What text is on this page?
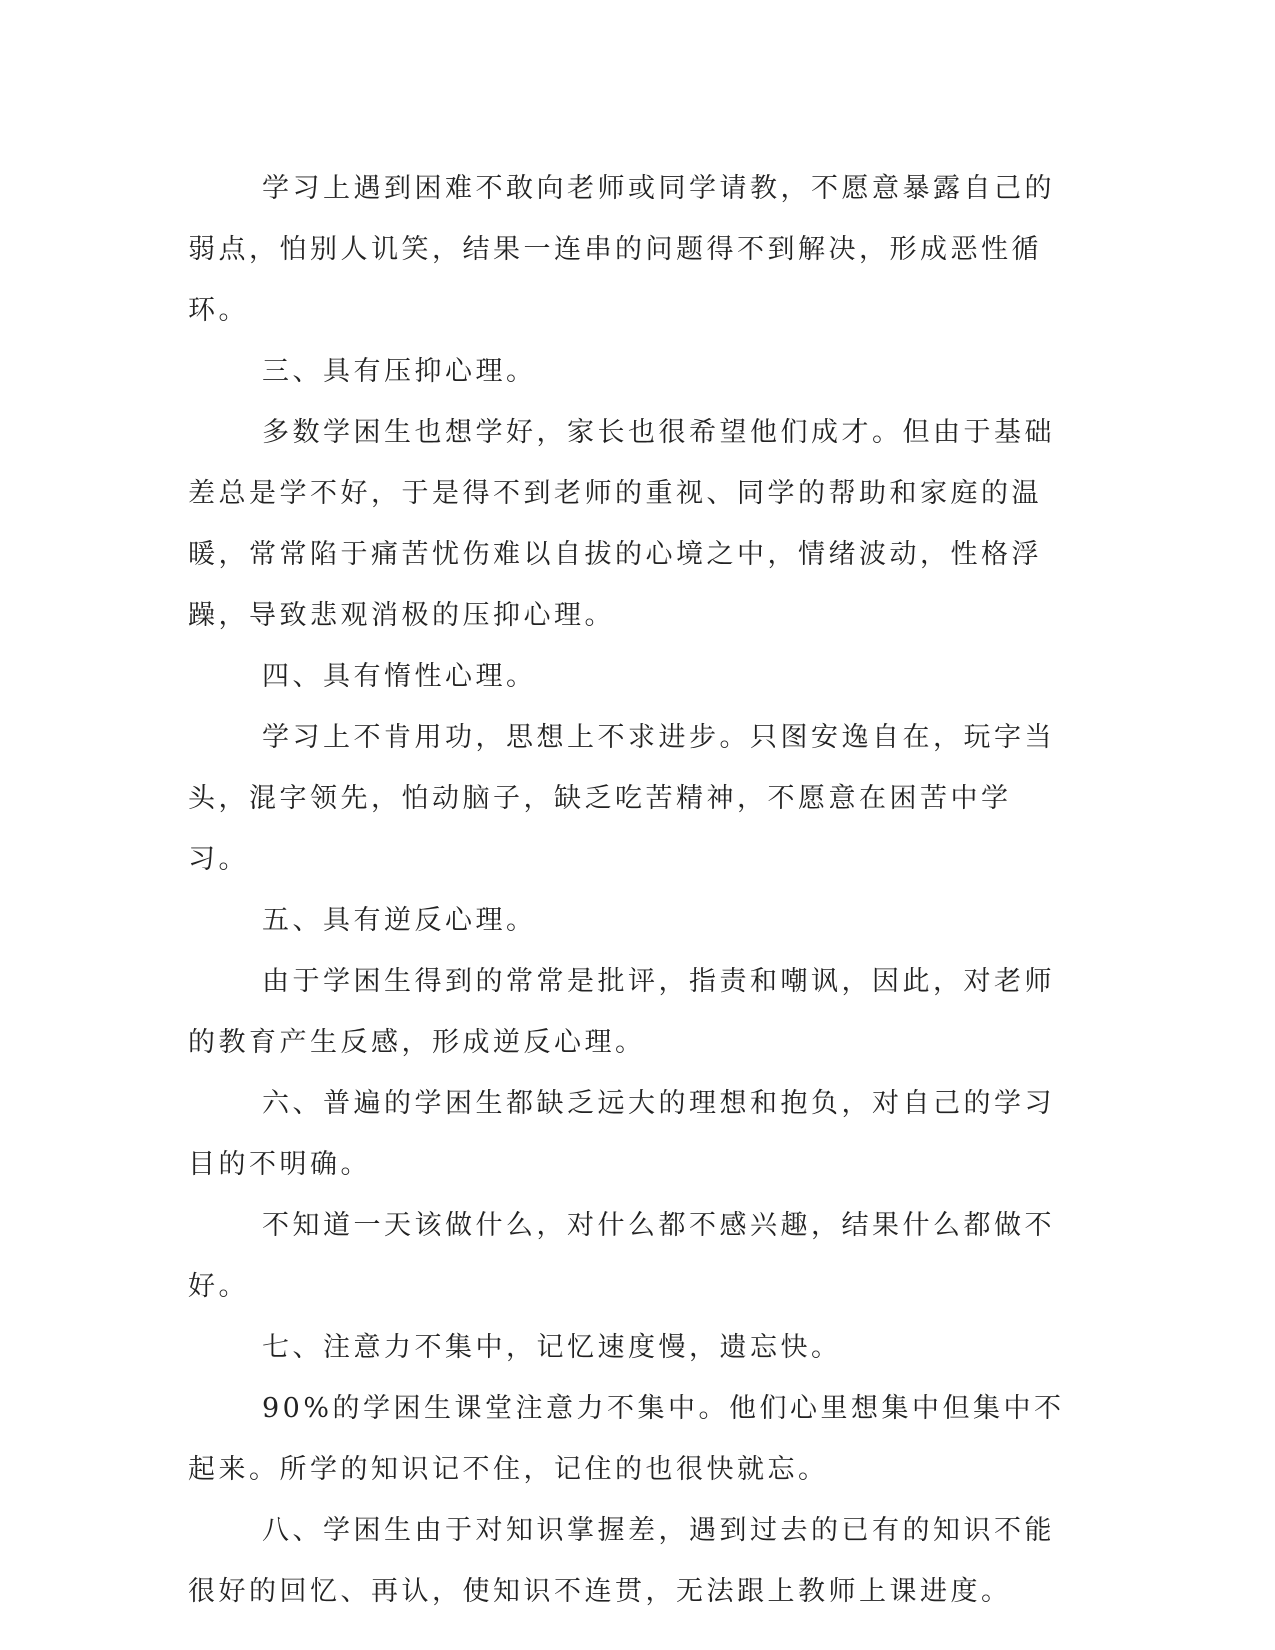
学习上遇到困难不敢向老师或同学请教，不愿意暴露自己的弱点，怕别人讥笑，结果一连串的问题得不到解决，形成恶性循环。

三、具有压抑心理。

多数学困生也想学好，家长也很希望他们成才。但由于基础差总是学不好，于是得不到老师的重视、同学的帮助和家庭的温暖，常常陷于痛苦忧伤难以自拔的心境之中，情绪波动，性格浮躁，导致悲观消极的压抑心理。

四、具有惰性心理。

学习上不肯用功，思想上不求进步。只图安逸自在，玩字当头，混字领先，怕动脑子，缺乏吃苦精神，不愿意在困苦中学习。

五、具有逆反心理。

由于学困生得到的常常是批评，指责和嘲讽，因此，对老师的教育产生反感，形成逆反心理。

六、普遍的学困生都缺乏远大的理想和抱负，对自己的学习目的不明确。

不知道一天该做什么，对什么都不感兴趣，结果什么都做不好。

七、注意力不集中，记忆速度慢，遗忘快。

90%的学困生课堂注意力不集中。他们心里想集中但集中不起来。所学的知识记不住，记住的也很快就忘。

八、学困生由于对知识掌握差，遇到过去的已有的知识不能很好的回忆、再认，使知识不连贯，无法跟上教师上课进度。
